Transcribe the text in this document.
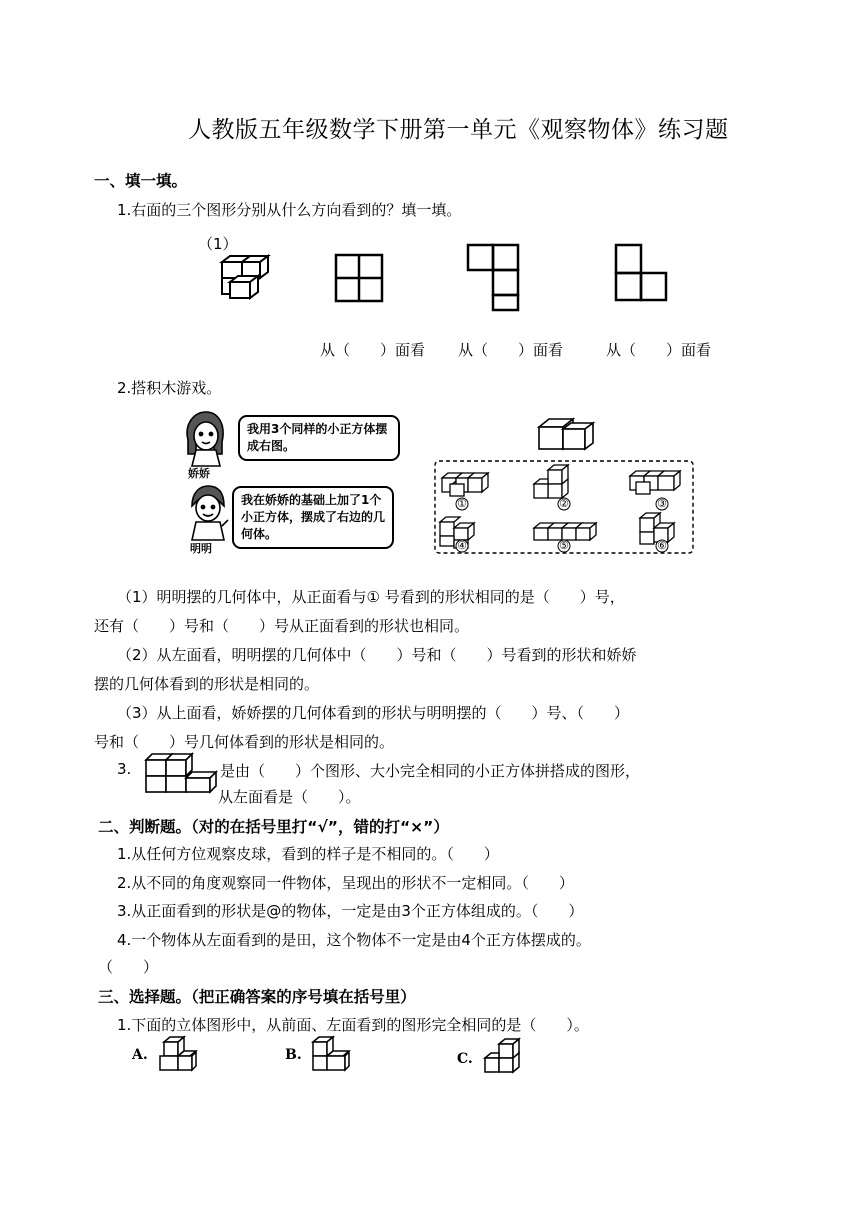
人教版五年级数学下册第一单元《观察物体》练习题
一、填一填。
1.右面的三个图形分别从什么方向看到的？填一填。
（1）
从（　　）面看 从（　　）面看	从（　　）面看
2.搭积木游戏。
娇娇
我用3个同样的小正方体摆成右图。
明明
我在娇娇的基础上加了1个小正方体，摆成了右边的几何体。
①	②	③
④	⑤	⑥
（1）明明摆的几何体中，从正面看与① 号看到的形状相同的是（　　）号，
还有（　　）号和（　　）号从正面看到的形状也相同。
（2）从左面看，明明摆的几何体中（　　）号和（　　）号看到的形状和娇娇
摆的几何体看到的形状是相同的。
（3）从上面看，娇娇摆的几何体看到的形状与明明摆的（　　）号、（　　）
号和（　　）号几何体看到的形状是相同的。
3.	是由（　　）个图形、大小完全相同的小正方体拼搭成的图形，
从左面看是（　　）。
二、判断题。（对的在括号里打“√”，错的打“×”）
1.从任何方位观察皮球，看到的样子是不相同的。（　　）
2.从不同的角度观察同一件物体，呈现出的形状不一定相同。（　　）
3.从正面看到的形状是@的物体，一定是由3个正方体组成的。（　　）
4.一个物体从左面看到的是田，这个物体不一定是由4个正方体摆成的。
（　　）
三、选择题。（把正确答案的序号填在括号里）
1.下面的立体图形中，从前面、左面看到的图形完全相同的是（　　）。
A.	B.	C.
